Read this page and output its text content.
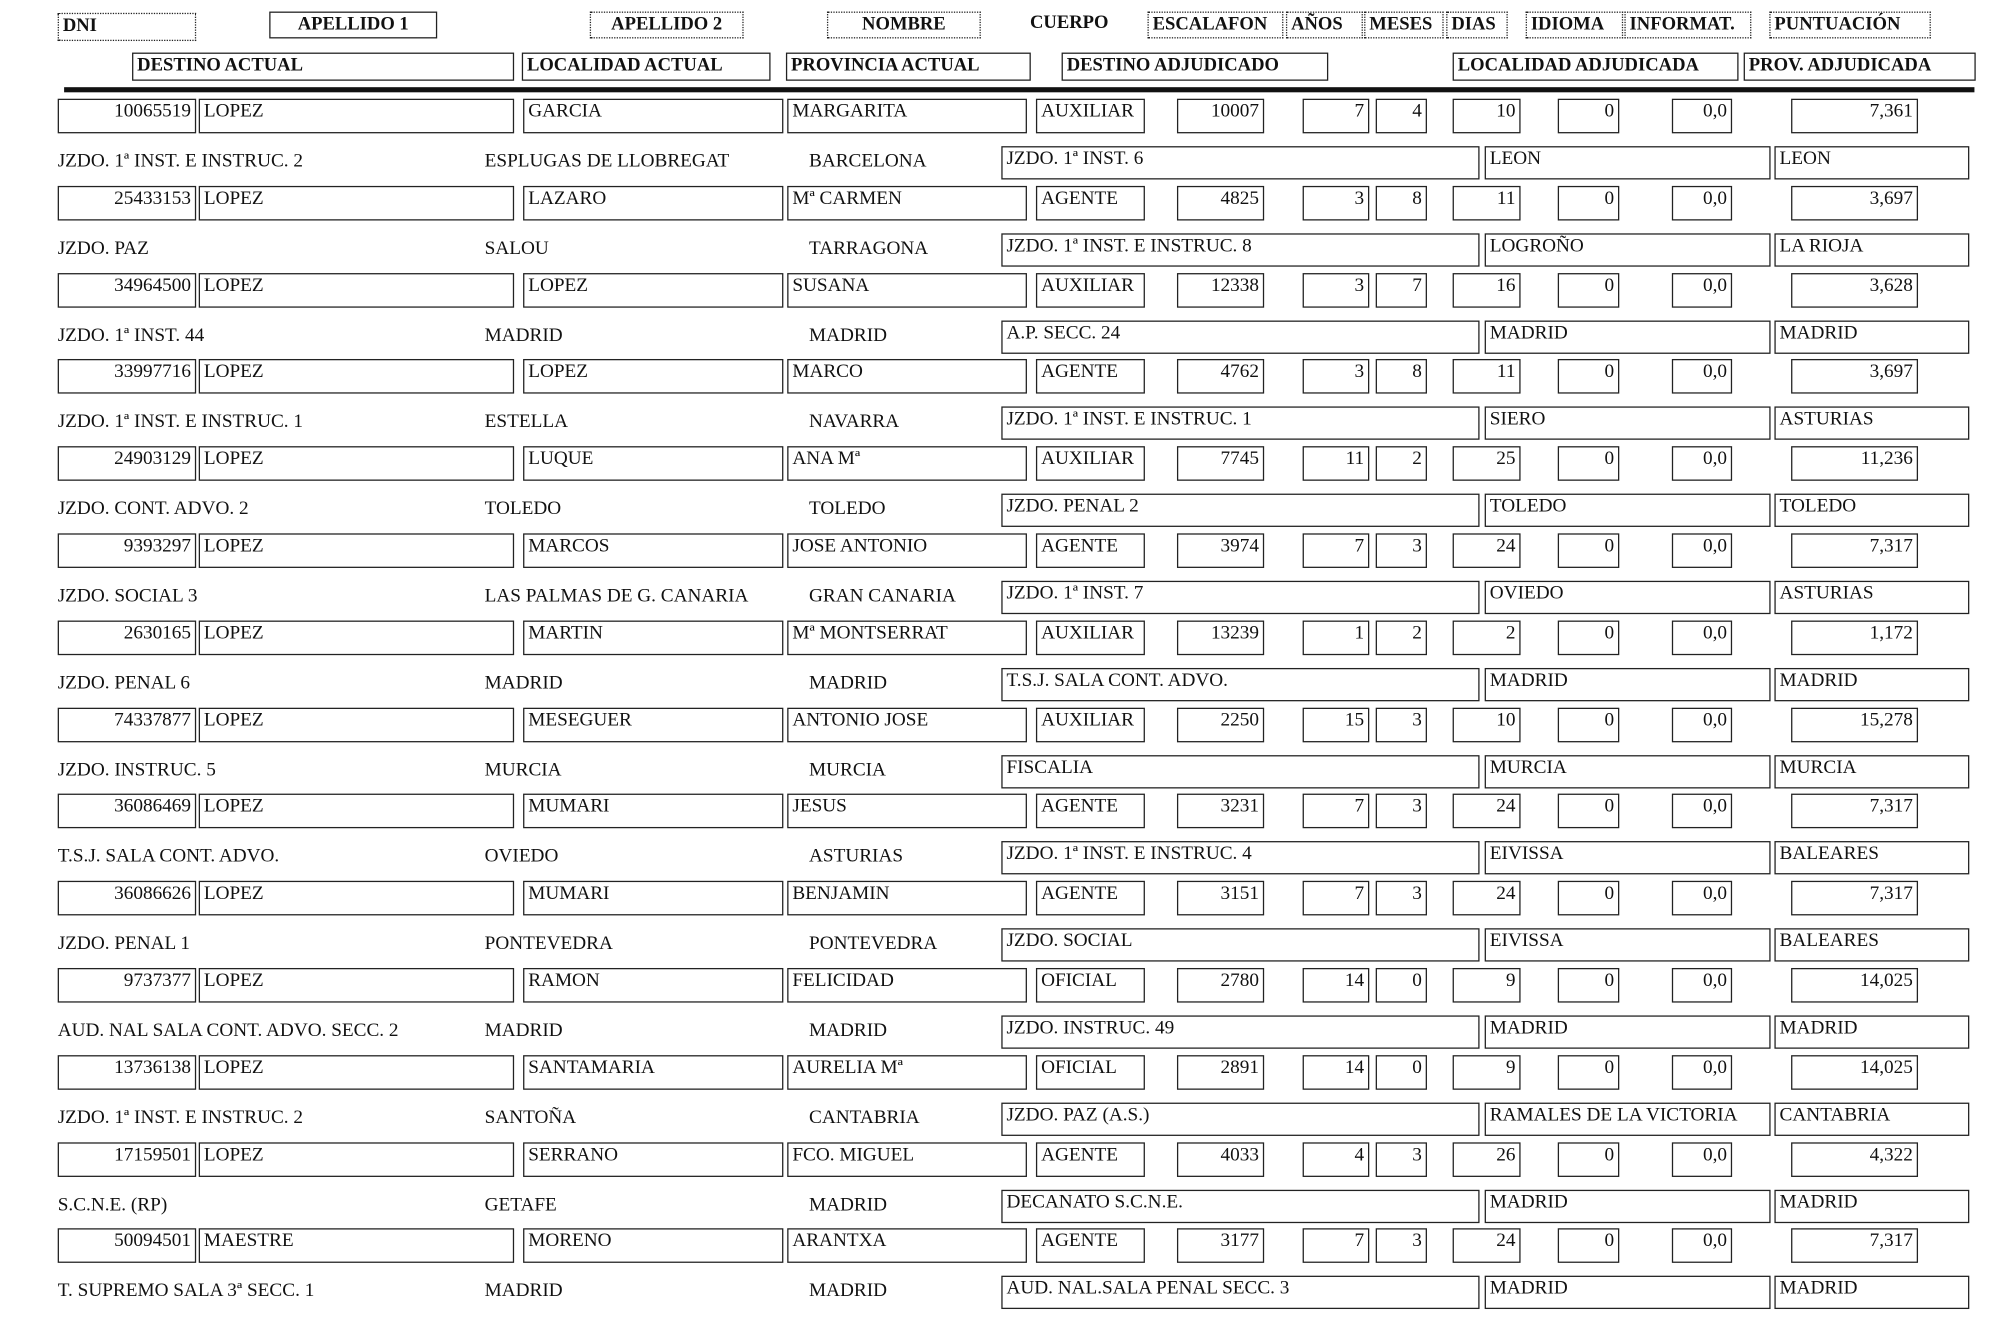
DNI	APELLIDO 1	APELLIDO 2	NOMBRE	CUERPO	ESCALAFON	AÑOS	MESES	DIAS	IDIOMA	INFORMAT.	PUNTUACIÓN
DESTINO ACTUAL	LOCALIDAD ACTUAL	PROVINCIA ACTUAL	DESTINO ADJUDICADO	LOCALIDAD ADJUDICADA	PROV. ADJUDICADA
10065519 LOPEZ	GARCIA	MARGARITA	AUXILIAR	10007	7	4	10	0	0,0	7,361
JZDO. 1ª INST. E INSTRUC. 2	ESPLUGAS DE LLOBREGAT	BARCELONA	JZDO. 1ª INST. 6	LEON	LEON
25433153 LOPEZ	LAZARO	Mª CARMEN	AGENTE	4825	3	8	11	0	0,0	3,697
JZDO. PAZ	SALOU	TARRAGONA	JZDO. 1ª INST. E INSTRUC. 8	LOGROÑO	LA RIOJA
34964500 LOPEZ	LOPEZ	SUSANA	AUXILIAR	12338	3	7	16	0	0,0	3,628
JZDO. 1ª INST. 44	MADRID	MADRID	A.P. SECC. 24	MADRID	MADRID
33997716 LOPEZ	LOPEZ	MARCO	AGENTE	4762	3	8	11	0	0,0	3,697
JZDO. 1ª INST. E INSTRUC. 1	ESTELLA	NAVARRA	JZDO. 1ª INST. E INSTRUC. 1	SIERO	ASTURIAS
24903129 LOPEZ	LUQUE	ANA Mª	AUXILIAR	7745	11	2	25	0	0,0	11,236
JZDO. CONT. ADVO. 2	TOLEDO	TOLEDO	JZDO. PENAL 2	TOLEDO	TOLEDO
9393297 LOPEZ	MARCOS	JOSE ANTONIO	AGENTE	3974	7	3	24	0	0,0	7,317
JZDO. SOCIAL 3	LAS PALMAS DE G. CANARIA	GRAN CANARIA	JZDO. 1ª INST. 7	OVIEDO	ASTURIAS
2630165 LOPEZ	MARTIN	Mª MONTSERRAT	AUXILIAR	13239	1	2	2	0	0,0	1,172
JZDO. PENAL 6	MADRID	MADRID	T.S.J. SALA CONT. ADVO.	MADRID	MADRID
74337877 LOPEZ	MESEGUER	ANTONIO JOSE	AUXILIAR	2250	15	3	10	0	0,0	15,278
JZDO. INSTRUC. 5	MURCIA	MURCIA	FISCALIA	MURCIA	MURCIA
36086469 LOPEZ	MUMARI	JESUS	AGENTE	3231	7	3	24	0	0,0	7,317
T.S.J. SALA CONT. ADVO.	OVIEDO	ASTURIAS	JZDO. 1ª INST. E INSTRUC. 4	EIVISSA	BALEARES
36086626 LOPEZ	MUMARI	BENJAMIN	AGENTE	3151	7	3	24	0	0,0	7,317
JZDO. PENAL 1	PONTEVEDRA	PONTEVEDRA	JZDO. SOCIAL	EIVISSA	BALEARES
9737377 LOPEZ	RAMON	FELICIDAD	OFICIAL	2780	14	0	9	0	0,0	14,025
AUD. NAL SALA CONT. ADVO. SECC. 2	MADRID	MADRID	JZDO. INSTRUC. 49	MADRID	MADRID
13736138 LOPEZ	SANTAMARIA	AURELIA Mª	OFICIAL	2891	14	0	9	0	0,0	14,025
JZDO. 1ª INST. E INSTRUC. 2	SANTOÑA	CANTABRIA	JZDO. PAZ (A.S.)	RAMALES DE LA VICTORIA	CANTABRIA
17159501 LOPEZ	SERRANO	FCO. MIGUEL	AGENTE	4033	4	3	26	0	0,0	4,322
S.C.N.E. (RP)	GETAFE	MADRID	DECANATO S.C.N.E.	MADRID	MADRID
50094501 MAESTRE	MORENO	ARANTXA	AGENTE	3177	7	3	24	0	0,0	7,317
T. SUPREMO SALA 3ª SECC. 1	MADRID	MADRID	AUD. NAL.SALA PENAL SECC. 3	MADRID	MADRID
